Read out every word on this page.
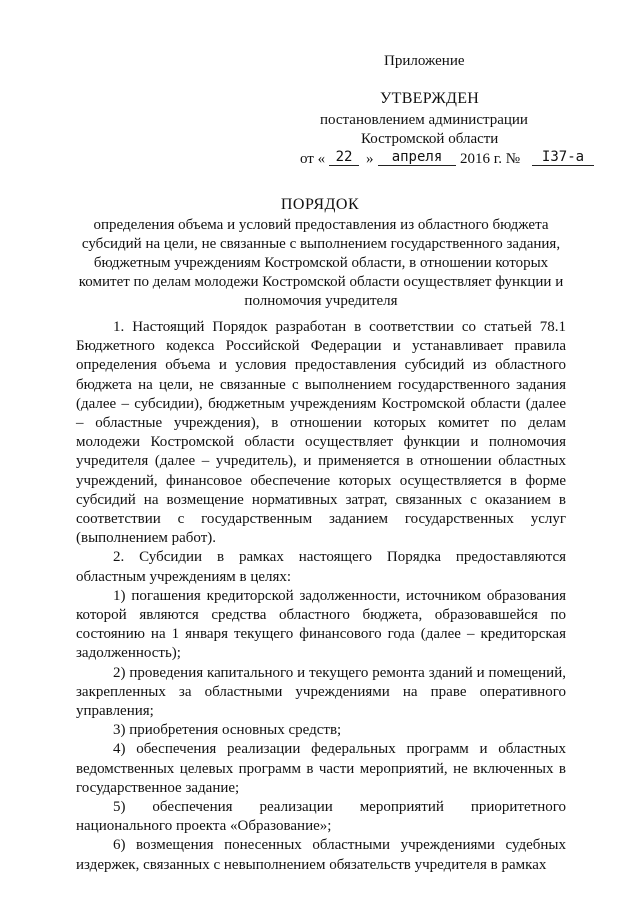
Приложение
УТВЕРЖДЕН
постановлением администрации
Костромской области
от « 22 »	апреля	2016 г. №	I37-а
ПОРЯДОК
определения объема и условий предоставления из областного бюджета субсидий на цели, не связанные с выполнением государственного задания, бюджетным учреждениям Костромской области, в отношении которых комитет по делам молодежи Костромской области осуществляет функции и полномочия учредителя

1. Настоящий Порядок разработан в соответствии со статьей 78.1 Бюджетного кодекса Российской Федерации и устанавливает правила определения объема и условия предоставления субсидий из областного бюджета на цели, не связанные с выполнением государственного задания (далее – субсидии), бюджетным учреждениям Костромской области (далее – областные учреждения), в отношении которых комитет по делам молодежи Костромской области осуществляет функции и полномочия учредителя (далее – учредитель), и применяется в отношении областных учреждений, финансовое обеспечение которых осуществляется в форме субсидий на возмещение нормативных затрат, связанных с оказанием в соответствии с государственным заданием государственных услуг (выполнением работ).

2. Субсидии в рамках настоящего Порядка предоставляются областным учреждениям в целях:

1) погашения кредиторской задолженности, источником образования которой являются средства областного бюджета, образовавшейся по состоянию на 1 января текущего финансового года (далее – кредиторская задолженность);

2) проведения капитального и текущего ремонта зданий и помещений, закрепленных за областными учреждениями на праве оперативного управления;

3) приобретения основных средств;

4) обеспечения реализации федеральных программ и областных ведомственных целевых программ в части мероприятий, не включенных в государственное задание;

5) обеспечения реализации мероприятий приоритетного национального проекта «Образование»;

6) возмещения понесенных областными учреждениями судебных издержек, связанных с невыполнением обязательств учредителя в рамках
